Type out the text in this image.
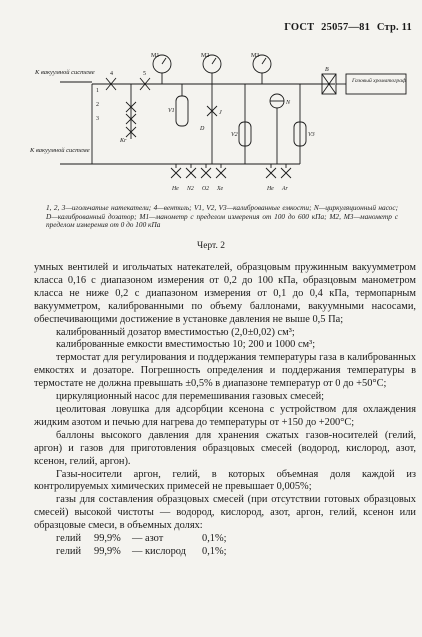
ГОСТ 25057—81 Стр. 11
К вакуумной системе
К вакуумной системе
M1	M2	M3
4	5
Kr
V1	J
D
V2
N
V3
B
Газовый хроматограф
He N2 O2 Xe	He Ar
1
2
3
1, 2, 3—игольчатые натекатели; 4—вентиль; V1, V2, V3—калиброванные емкости; N—циркуляционный насос; D—калиброванный дозатор; M1—манометр с пределом измерения от 100 до 600 кПа; M2, M3—манометр с пределом измерения от 0 до 100 кПа
Черт. 2

умных вентилей и игольчатых натекателей, образцовым пружинным вакуумметром класса 0,16 с диапазоном измерения от 0,2 до 100 кПа, образцовым манометром класса не ниже 0,2 с диапазоном измерения от 0,1 до 0,4 кПа, термопарным вакуумметром, калиброванными по объему баллонами, вакуумными насосами, обеспечивающими достижение в установке давления не выше 0,5 Па;

калиброванный дозатор вместимостью (2,0±0,02) см³;

калиброванные емкости вместимостью 10; 200 и 1000 см³;

термостат для регулирования и поддержания температуры газа в калиброванных емкостях и дозаторе. Погрешность определения и поддержания температуры в термостате не должна превышать ±0,5% в диапазоне температур от 0 до +50°С;

циркуляционный насос для перемешивания газовых смесей;

цеолитовая ловушка для адсорбции ксенона с устройством для охлаждения жидким азотом и печью для нагрева до температуры от +150 до +200°С;

баллоны высокого давления для хранения сжатых газов-носителей (гелий, аргон) и газов для приготовления образцовых смесей (водород, кислород, азот, ксенон, гелий, аргон).

Газы-носители аргон, гелий, в которых объемная доля каждой из контролируемых химических примесей не превышает 0,005%;

газы для составления образцовых смесей (при отсутствии готовых образцовых смесей) высокой чистоты — водород, кислород, азот, аргон, гелий, ксенон или образцовые смеси, в объемных долях:

гелий	99,9%	— азот	0,1%;
гелий	99,9%	— кислород	0,1%;
